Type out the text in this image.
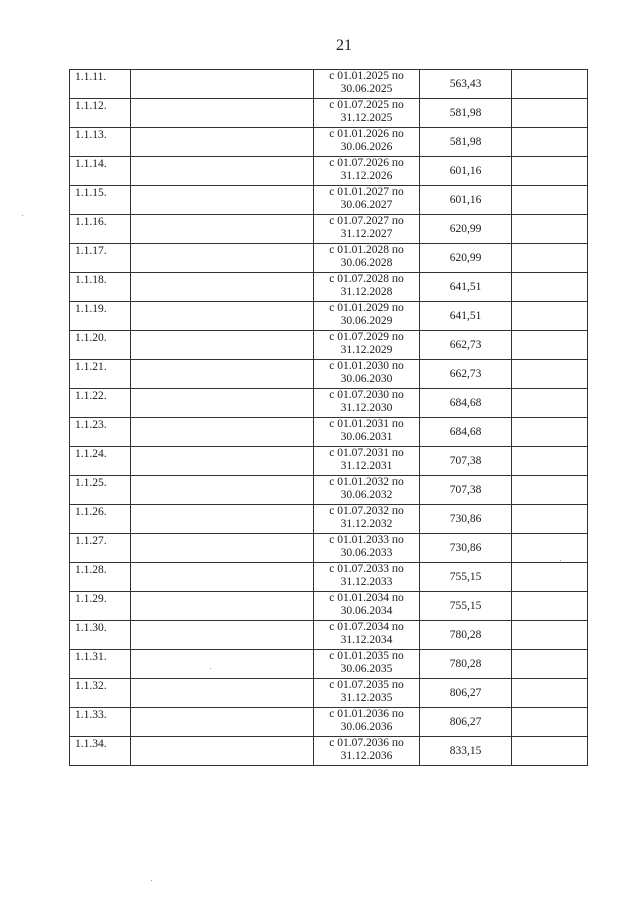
21
1.1.11.		с 01.01.2025 по
30.06.2025	563,43	
1.1.12.		с 01.07.2025 по
31.12.2025	581,98	
1.1.13.		с 01.01.2026 по
30.06.2026	581,98	
1.1.14.		с 01.07.2026 по
31.12.2026	601,16	
1.1.15.		с 01.01.2027 по
30.06.2027	601,16	
1.1.16.		с 01.07.2027 по
31.12.2027	620,99	
1.1.17.		с 01.01.2028 по
30.06.2028	620,99	
1.1.18.		с 01.07.2028 по
31.12.2028	641,51	
1.1.19.		с 01.01.2029 по
30.06.2029	641,51	
1.1.20.		с 01.07.2029 по
31.12.2029	662,73	
1.1.21.		с 01.01.2030 по
30.06.2030	662,73	
1.1.22.		с 01.07.2030 по
31.12.2030	684,68	
1.1.23.		с 01.01.2031 по
30.06.2031	684,68	
1.1.24.		с 01.07.2031 по
31.12.2031	707,38	
1.1.25.		с 01.01.2032 по
30.06.2032	707,38	
1.1.26.		с 01.07.2032 по
31.12.2032	730,86	
1.1.27.		с 01.01.2033 по
30.06.2033	730,86	
1.1.28.		с 01.07.2033 по
31.12.2033	755,15	
1.1.29.		с 01.01.2034 по
30.06.2034	755,15	
1.1.30.		с 01.07.2034 по
31.12.2034	780,28	
1.1.31.		с 01.01.2035 по
30.06.2035	780,28	
1.1.32.		с 01.07.2035 по
31.12.2035	806,27	
1.1.33.		с 01.01.2036 по
30.06.2036	806,27	
1.1.34.		с 01.07.2036 по
31.12.2036	833,15	
